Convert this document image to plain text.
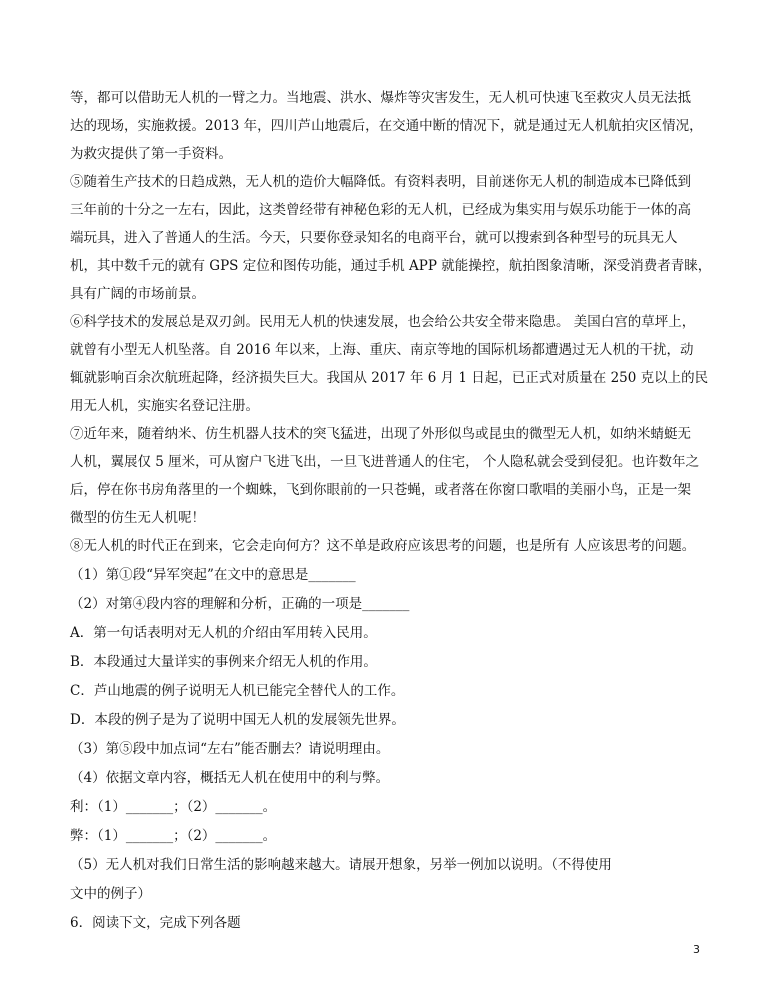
等，都可以借助无人机的一臂之力。当地震、洪水、爆炸等灾害发生，无人机可快速飞至救灾人员无法抵
达的现场，实施救援。2013 年，四川芦山地震后，在交通中断的情况下，就是通过无人机航拍灾区情况，
为救灾提供了第一手资料。
⑤随着生产技术的日趋成熟，无人机的造价大幅降低。有资料表明，目前迷你无人机的制造成本已降低到
三年前的十分之一左右，因此，这类曾经带有神秘色彩的无人机，已经成为集实用与娱乐功能于一体的高
端玩具，进入了普通人的生活。今天，只要你登录知名的电商平台，就可以搜索到各种型号的玩具无人
机，其中数千元的就有 GPS 定位和图传功能，通过手机 APP 就能操控，航拍图象清晰，深受消费者青睐，
具有广阔的市场前景。
⑥科学技术的发展总是双刃剑。民用无人机的快速发展，也会给公共安全带来隐患。 美国白宫的草坪上，
就曾有小型无人机坠落。自 2016 年以来，上海、重庆、南京等地的国际机场都遭遇过无人机的干扰，动
辄就影响百余次航班起降，经济损失巨大。我国从 2017 年 6 月 1 日起，已正式对质量在 250 克以上的民
用无人机，实施实名登记注册。
⑦近年来，随着纳米、仿生机器人技术的突飞猛进，出现了外形似鸟或昆虫的微型无人机，如纳米蜻蜓无
人机，翼展仅 5 厘米，可从窗户飞进飞出，一旦飞进普通人的住宅， 个人隐私就会受到侵犯。也许数年之
后，停在你书房角落里的一个蜘蛛，飞到你眼前的一只苍蝇，或者落在你窗口歌唱的美丽小鸟，正是一架
微型的仿生无人机呢！
⑧无人机的时代正在到来，它会走向何方？这不单是政府应该思考的问题，也是所有 人应该思考的问题。
（1）第①段“异军突起”在文中的意思是_______
（2）对第④段内容的理解和分析，正确的一项是_______
A．第一句话表明对无人机的介绍由军用转入民用。
B．本段通过大量详实的事例来介绍无人机的作用。
C．芦山地震的例子说明无人机已能完全替代人的工作。
D．本段的例子是为了说明中国无人机的发展领先世界。
（3）第⑤段中加点词“左右”能否删去？请说明理由。
（4）依据文章内容，概括无人机在使用中的利与弊。
利：（1）_______；（2）_______。
弊：（1）_______；（2）_______。
（5）无人机对我们日常生活的影响越来越大。请展开想象，另举一例加以说明。（不得使用
文中的例子）
6．阅读下文，完成下列各题
3
